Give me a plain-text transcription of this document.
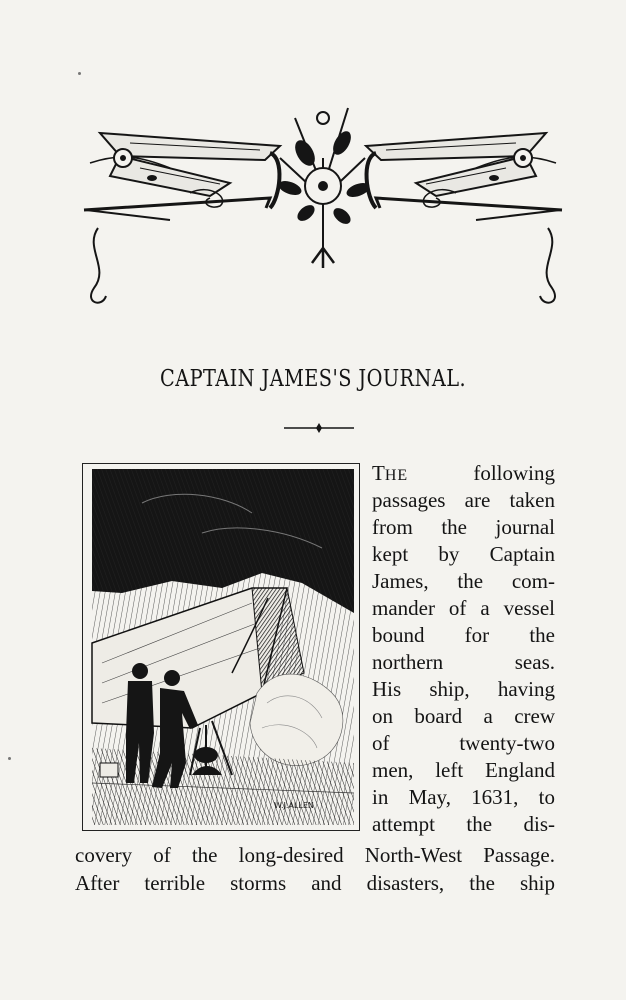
CAPTAIN JAMES'S JOURNAL.
W.J.ALLEN
THE	following
passages are taken
from the journal
kept by Captain
James, the com-
mander of a vessel
bound for the
northern seas.
His ship, having
on board a crew
of twenty-two
men, left England
in May, 1631, to
attempt the dis-
covery of the long-desired North-West Passage.
After terrible storms and disasters, the ship
